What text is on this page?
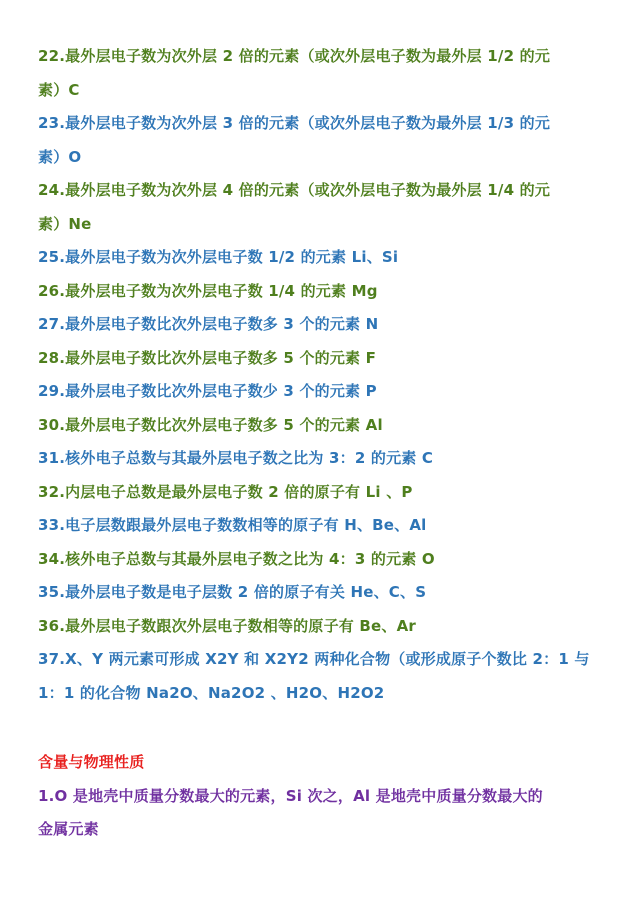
22.最外层电子数为次外层 2 倍的元素（或次外层电子数为最外层 1/2 的元
素）C
23.最外层电子数为次外层 3 倍的元素（或次外层电子数为最外层 1/3 的元
素）O
24.最外层电子数为次外层 4 倍的元素（或次外层电子数为最外层 1/4 的元
素）Ne
25.最外层电子数为次外层电子数 1/2 的元素 Li、Si
26.最外层电子数为次外层电子数 1/4 的元素 Mg
27.最外层电子数比次外层电子数多 3 个的元素 N
28.最外层电子数比次外层电子数多 5 个的元素 F
29.最外层电子数比次外层电子数少 3 个的元素 P
30.最外层电子数比次外层电子数多 5 个的元素 Al
31.核外电子总数与其最外层电子数之比为 3：2 的元素 C
32.内层电子总数是最外层电子数 2 倍的原子有 Li 、P
33.电子层数跟最外层电子数数相等的原子有 H、Be、Al
34.核外电子总数与其最外层电子数之比为 4：3 的元素 O
35.最外层电子数是电子层数 2 倍的原子有关 He、C、S
36.最外层电子数跟次外层电子数相等的原子有 Be、Ar
37.X、Y 两元素可形成 X2Y 和 X2Y2 两种化合物（或形成原子个数比 2：1 与
1：1 的化合物 Na2O、Na2O2 、H2O、H2O2
含量与物理性质
1.O 是地壳中质量分数最大的元素，Si 次之，Al 是地壳中质量分数最大的
金属元素
